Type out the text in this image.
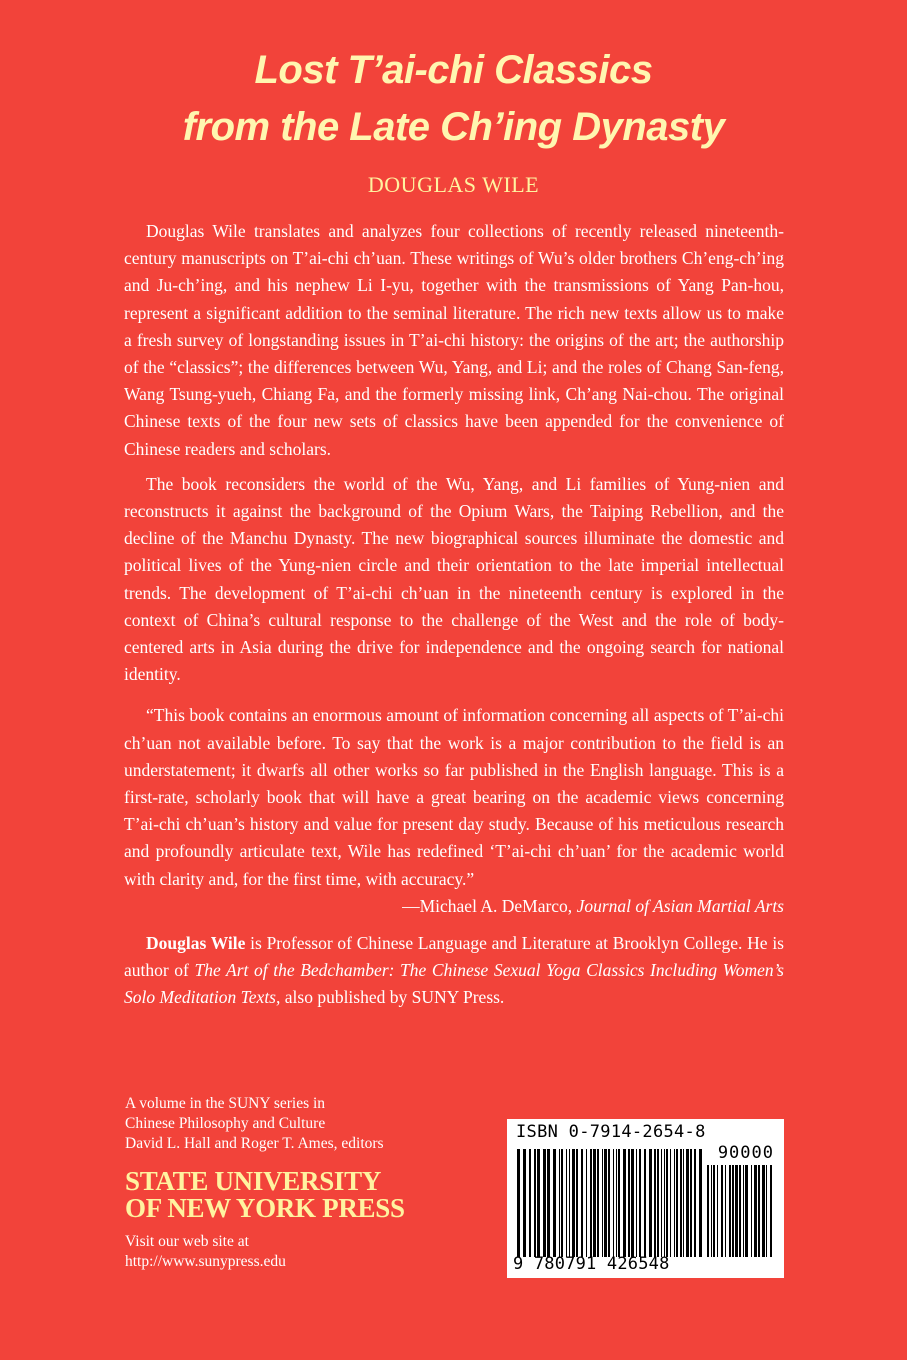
Lost T’ai-chi Classics
from the Late Ch’ing Dynasty

DOUGLAS WILE

Douglas Wile translates and analyzes four collections of recently released nineteenth-century manuscripts on T’ai-chi ch’uan. These writings of Wu’s older brothers Ch’eng-ch’ing and Ju-ch’ing, and his nephew Li I-yu, together with the transmissions of Yang Pan-hou, represent a significant addition to the seminal literature. The rich new texts allow us to make a fresh survey of longstanding issues in T’ai-chi history: the origins of the art; the authorship of the “classics”; the differences between Wu, Yang, and Li; and the roles of Chang San-feng, Wang Tsung-yueh, Chiang Fa, and the formerly missing link, Ch’ang Nai-chou. The original Chinese texts of the four new sets of classics have been appended for the convenience of Chinese readers and scholars.

The book reconsiders the world of the Wu, Yang, and Li families of Yung-nien and reconstructs it against the background of the Opium Wars, the Taiping Rebellion, and the decline of the Manchu Dynasty. The new biographical sources illuminate the domestic and political lives of the Yung-nien circle and their orientation to the late imperial intellectual trends. The development of T’ai-chi ch’uan in the nineteenth century is explored in the context of China’s cultural response to the challenge of the West and the role of body-centered arts in Asia during the drive for independence and the ongoing search for national identity.

“This book contains an enormous amount of information concerning all aspects of T’ai-chi ch’uan not available before. To say that the work is a major contribution to the field is an understatement; it dwarfs all other works so far published in the English language. This is a first-rate, scholarly book that will have a great bearing on the academic views concerning T’ai-chi ch’uan’s history and value for present day study. Because of his meticulous research and profoundly articulate text, Wile has redefined ‘T’ai-chi ch’uan’ for the academic world with clarity and, for the first time, with accuracy.”

—Michael A. DeMarco, Journal of Asian Martial Arts

Douglas Wile is Professor of Chinese Language and Literature at Brooklyn College. He is author of The Art of the Bedchamber: The Chinese Sexual Yoga Classics Including Women’s Solo Meditation Texts, also published by SUNY Press.

A volume in the SUNY series in
Chinese Philosophy and Culture
David L. Hall and Roger T. Ames, editors
STATE UNIVERSITY
OF NEW YORK PRESS
Visit our web site at
http://www.sunypress.edu
ISBN 0-7914-2654-8
90000
9 780791 426548
